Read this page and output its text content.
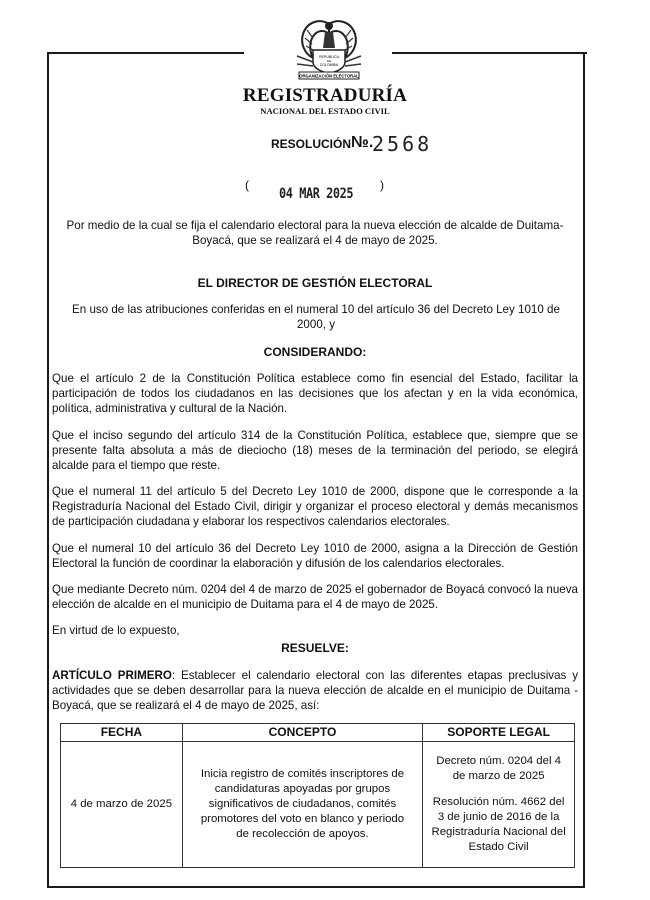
REPUBLICA
DE
COLOMBIA
ORGANIZACIÓN ELECTORAL
REGISTRADURÍA
NACIONAL DEL ESTADO CIVIL
RESOLUCIÓN №.
2568
(
04 MAR 2025
)
Por medio de la cual se fija el calendario electoral para la nueva elección de alcalde de Duitama-Boyacá, que se realizará el 4 de mayo de 2025.
EL DIRECTOR DE GESTIÓN ELECTORAL
En uso de las atribuciones conferidas en el numeral 10 del artículo 36 del Decreto Ley 1010 de 2000, y
CONSIDERANDO:
Que el artículo 2 de la Constitución Política establece como fin esencial del Estado, facilitar la participación de todos los ciudadanos en las decisiones que los afectan y en la vida económica, política, administrativa y cultural de la Nación.
Que el inciso segundo del artículo 314 de la Constitución Política, establece que, siempre que se presente falta absoluta a más de dieciocho (18) meses de la terminación del periodo, se elegirá alcalde para el tiempo que reste.
Que el numeral 11 del artículo 5 del Decreto Ley 1010 de 2000, dispone que le corresponde a la Registraduría Nacional del Estado Civil, dirigir y organizar el proceso electoral y demás mecanismos de participación ciudadana y elaborar los respectivos calendarios electorales.
Que el numeral 10 del artículo 36 del Decreto Ley 1010 de 2000, asigna a la Dirección de Gestión Electoral la función de coordinar la elaboración y difusión de los calendarios electorales.
Que mediante Decreto núm. 0204 del 4 de marzo de 2025 el gobernador de Boyacá convocó la nueva elección de alcalde en el municipio de Duitama para el 4 de mayo de 2025.
En virtud de lo expuesto,
RESUELVE:
ARTÍCULO PRIMERO: Establecer el calendario electoral con las diferentes etapas preclusivas y actividades que se deben desarrollar para la nueva elección de alcalde en el municipio de Duitama - Boyacá, que se realizará el 4 de mayo de 2025, así:
FECHA	CONCEPTO	SOPORTE LEGAL
4 de marzo de 2025	Inicia registro de comités inscriptores de candidaturas apoyadas por grupos significativos de ciudadanos, comités promotores del voto en blanco y periodo de recolección de apoyos.	Decreto núm. 0204 del 4 de marzo de 2025

Resolución núm. 4662 del 3 de junio de 2016 de la Registraduría Nacional del Estado Civil
